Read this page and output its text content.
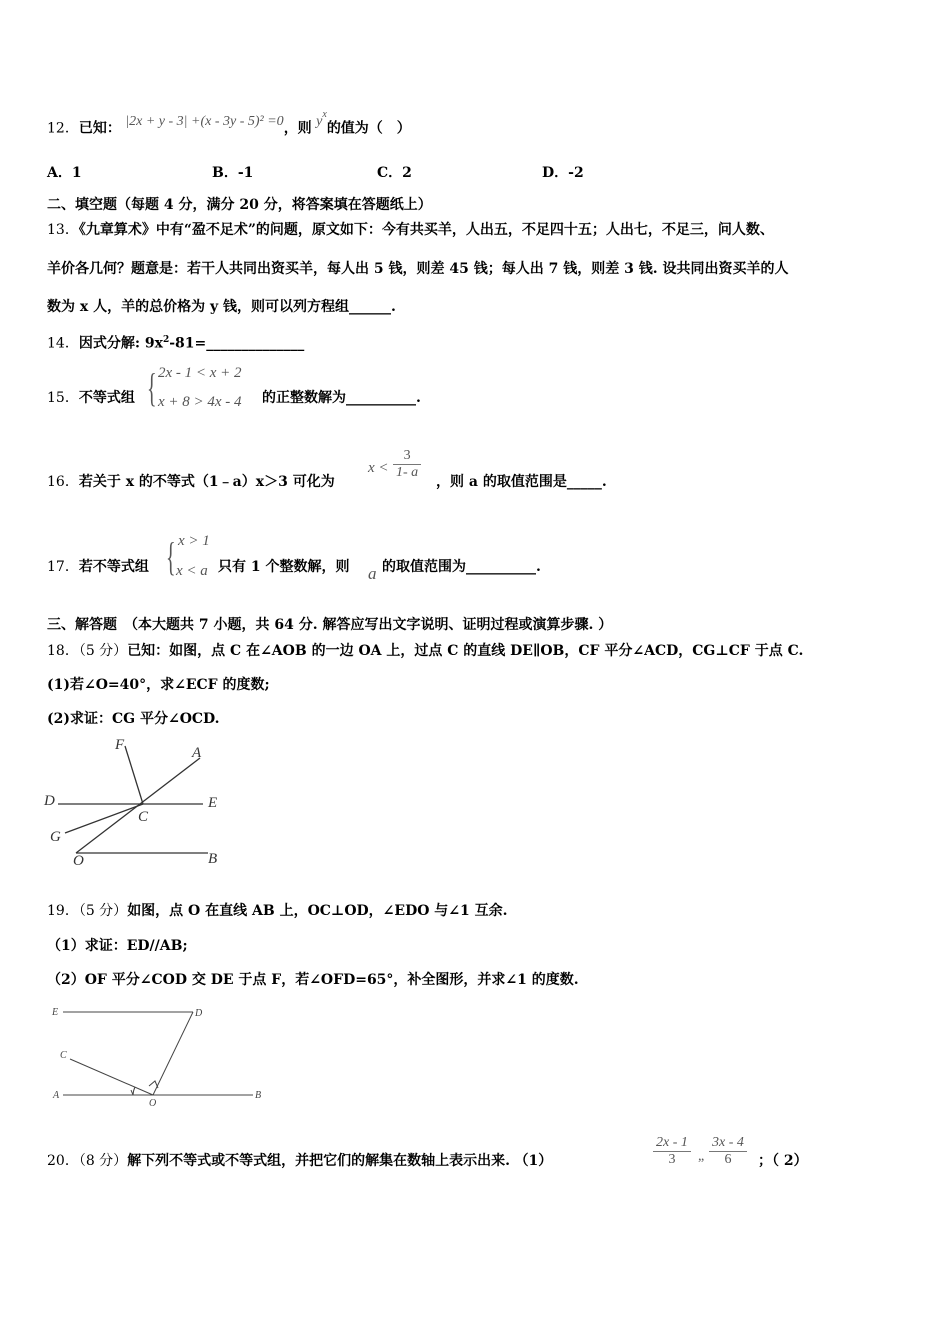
12．已知： |2x + y - 3| +(x - 3y - 5)² =0，则 $y^x$的值为（　）
A．1	B．-1	C．2	D．-2
二、填空题（每题 4 分，满分 20 分，将答案填在答题纸上）
13．《九章算术》中有“盈不足术”的问题，原文如下：今有共买羊，人出五，不足四十五；人出七，不足三，问人数、
羊价各几何？题意是：若干人共同出资买羊，每人出 5 钱，则差 45 钱；每人出 7 钱，则差 3 钱. 设共同出资买羊的人
数为 x 人，羊的总价格为 y 钱，则可以列方程组______.
14．因式分解: $9x^2-81=\_\_\_\_\_\_\_\_\_\_\_\_\_\_$
15．不等式组 { 2x - 1 < x + 2
x + 8 > 4x - 4 的正整数解为__________.
16．若关于 x 的不等式（1﹣a）x＞3 可化为
$x < \frac{3}{1- a}$
，则 a 的取值范围是_____.
17．若不等式组 { x > 1
x < a 只有 1 个整数解，则 a 的取值范围为__________.
三、解答题　（本大题共 7 小题，共 64 分. 解答应写出文字说明、证明过程或演算步骤. ）
18．（5 分）已知：如图，点 C 在∠AOB 的一边 OA 上，过点 C 的直线 DE∥OB，CF 平分∠ACD，CG⊥CF 于点 C.
(1)若∠O=40°，求∠ECF 的度数;
(2)求证：CG 平分∠OCD.
F	A
D	E
C
G
O	B
19．（5 分）如图，点 O 在直线 AB 上，OC⊥OD，∠EDO 与∠1 互余.
（1）求证：ED//AB;
（2）OF 平分∠COD 交 DE 于点 F，若∠OFD=65°，补全图形，并求∠1 的度数.
E	D
C
A
O
B
20．（8 分）解下列不等式或不等式组，并把它们的解集在数轴上表示出来. （1）	$\frac{2x - 1}{3}$ „ $\frac{3x - 4}{6}$ ；（ 2）
